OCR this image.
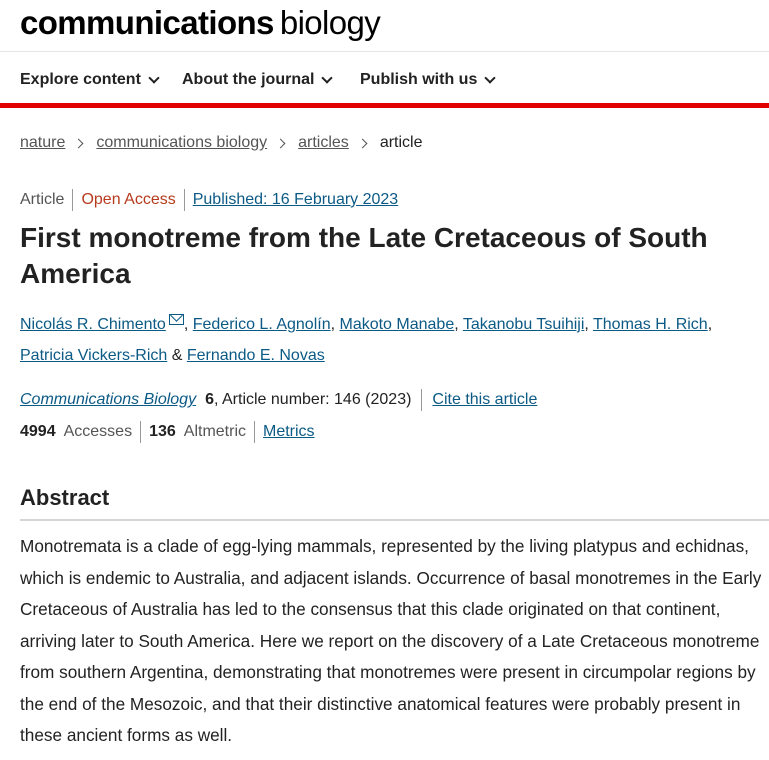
communications biology
Explore content	About the journal	Publish with us
nature communications biology articles article
Article Open Access Published: 16 February 2023
First monotreme from the Late Cretaceous of South America
Nicolás R. Chimento , Federico L. Agnolín, Makoto Manabe, Takanobu Tsuihiji, Thomas H. Rich, Patricia Vickers-Rich & Fernando E. Novas
Communications Biology 6 , Article number: 146 (2023) Cite this article
4994 Accesses 136 Altmetric Metrics
Abstract

Monotremata is a clade of egg-lying mammals, represented by the living platypus and echidnas, which is endemic to Australia, and adjacent islands. Occurrence of basal monotremes in the Early Cretaceous of Australia has led to the consensus that this clade originated on that continent, arriving later to South America. Here we report on the discovery of a Late Cretaceous monotreme from southern Argentina, demonstrating that monotremes were present in circumpolar regions by the end of the Mesozoic, and that their distinctive anatomical features were probably present in these ancient forms as well.
